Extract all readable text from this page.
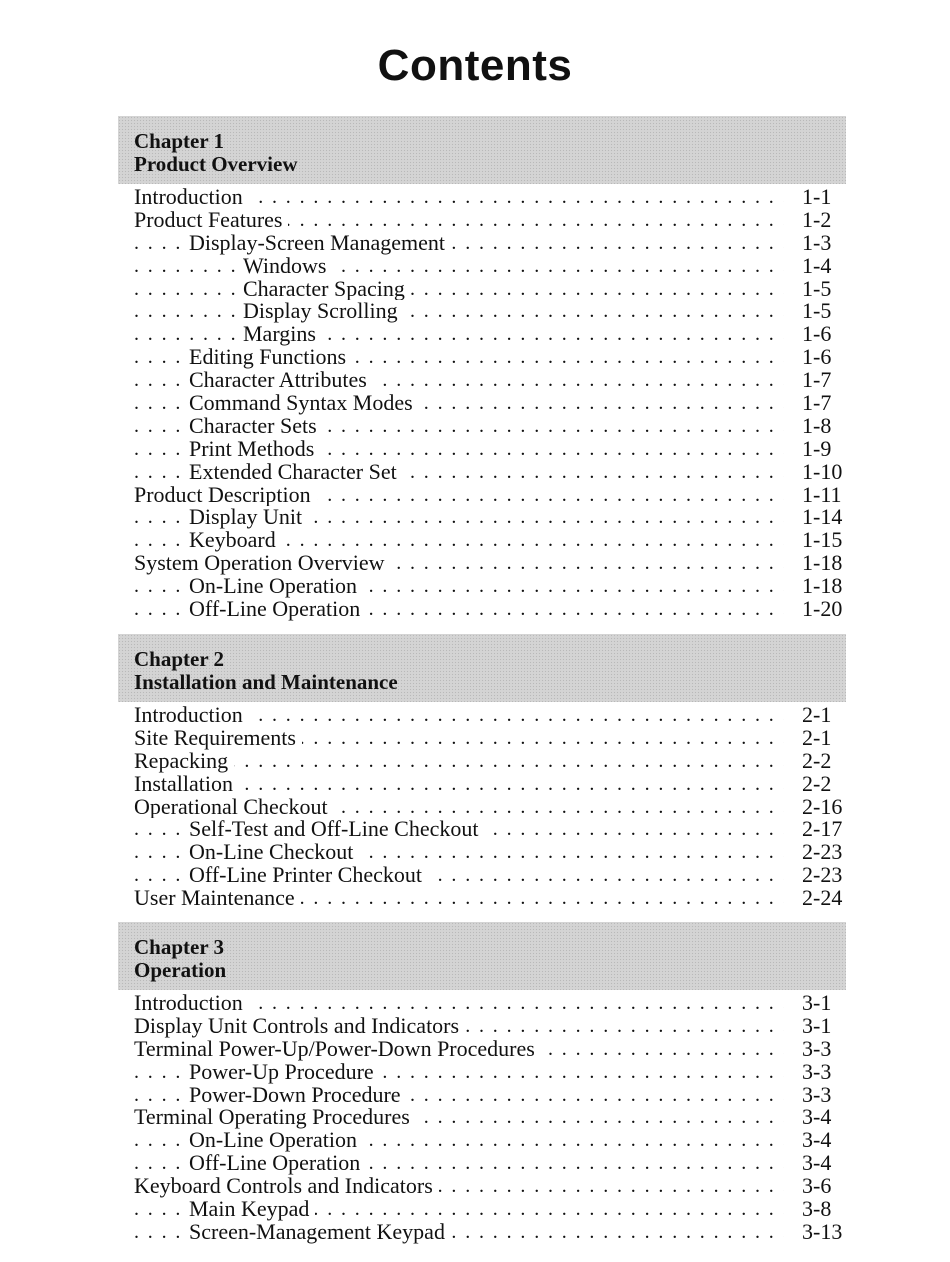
Contents
Chapter 1
Product Overview
Introduction . . .	1-1
Product Features . . .	1-2
Display-Screen Management . . .	1-3
Windows . . .	1-4
Character Spacing . . .	1-5
Display Scrolling . . .	1-5
Margins . . .	1-6
Editing Functions . . .	1-6
Character Attributes . . .	1-7
Command Syntax Modes . . .	1-7
Character Sets . . .	1-8
Print Methods . . .	1-9
Extended Character Set . . .	1-10
Product Description . . .	1-11
Display Unit . . .	1-14
Keyboard . . .	1-15
System Operation Overview . . .	1-18
On-Line Operation . . .	1-18
Off-Line Operation . . .	1-20
Chapter 2
Installation and Maintenance
Introduction . . .	2-1
Site Requirements . . .	2-1
Repacking . . .	2-2
Installation . . .	2-2
Operational Checkout . . .	2-16
Self-Test and Off-Line Checkout . . .	2-17
On-Line Checkout . . .	2-23
Off-Line Printer Checkout . . .	2-23
User Maintenance . . .	2-24
Chapter 3
Operation
Introduction . . .	3-1
Display Unit Controls and Indicators . . .	3-1
Terminal Power-Up/Power-Down Procedures . . .	3-3
Power-Up Procedure . . .	3-3
Power-Down Procedure . . .	3-3
Terminal Operating Procedures . . .	3-4
On-Line Operation . . .	3-4
Off-Line Operation . . .	3-4
Keyboard Controls and Indicators . . .	3-6
Main Keypad . . .	3-8
Screen-Management Keypad . . .	3-13
